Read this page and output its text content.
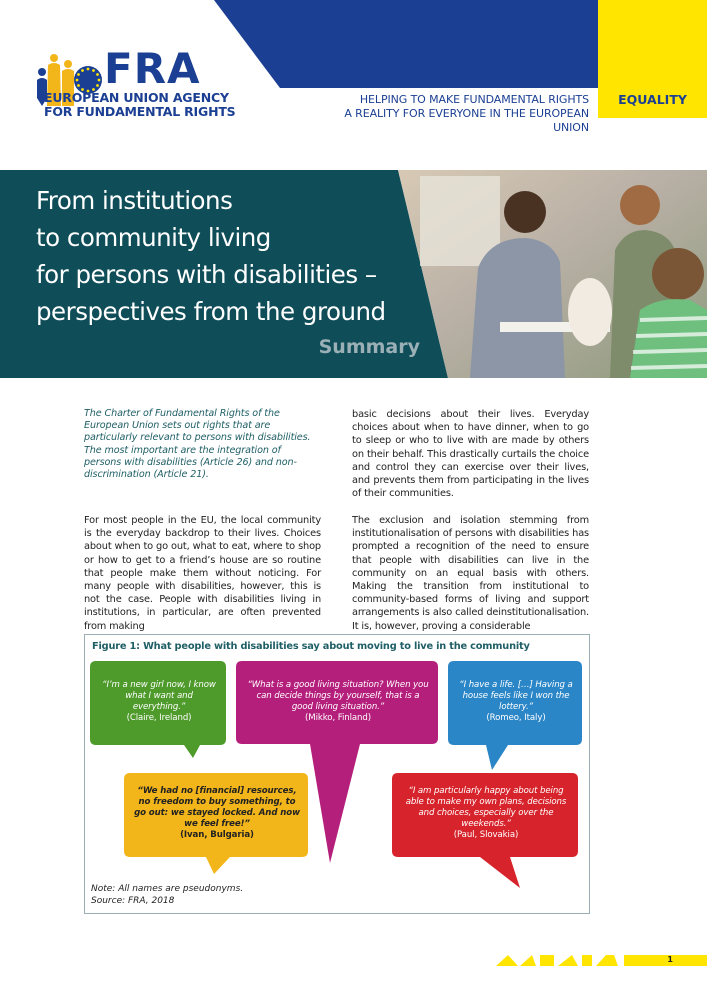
FRA
EUROPEAN UNION AGENCY
FOR FUNDAMENTAL RIGHTS
HELPING TO MAKE FUNDAMENTAL RIGHTS
A REALITY FOR EVERYONE IN THE EUROPEAN UNION
EQUALITY
From institutions
to community living
for persons with disabilities –
perspectives from the ground
Summary
The Charter of Fundamental Rights of the European Union sets out rights that are particularly relevant to persons with disabilities. The most important are the integration of persons with disabilities (Article 26) and non-discrimination (Article 21).
For most people in the EU, the local community is the everyday backdrop to their lives. Choices about when to go out, what to eat, where to shop or how to get to a friend’s house are so routine that people make them without noticing. For many people with disabilities, however, this is not the case. People with disabilities living in institutions, in particular, are often prevented from making
basic decisions about their lives. Everyday choices about when to have dinner, when to go to sleep or who to live with are made by others on their behalf. This drastically curtails the choice and control they can exercise over their lives, and prevents them from participating in the lives of their communities.
The exclusion and isolation stemming from institutionalisation of persons with disabilities has prompted a recognition of the need to ensure that people with disabilities can live in the community on an equal basis with others. Making the transition from institutional to community-based forms of living and support arrangements is also called deinstitutionalisation. It is, however, proving a considerable
Figure 1: What people with disabilities say about moving to live in the community
“I’m a new girl now, I know what I want and everything.”
(Claire, Ireland)
“What is a good living situation? When you can decide things by yourself, that is a good living situation.”
(Mikko, Finland)
“I have a life. […] Having a house feels like I won the lottery.”
(Romeo, Italy)
“We had no [financial] resources, no freedom to buy something, to go out: we stayed locked. And now we feel free!”
(Ivan, Bulgaria)
“I am particularly happy about being able to make my own plans, decisions and choices, especially over the weekends.”
(Paul, Slovakia)
Note: All names are pseudonyms.
Source: FRA, 2018
1
